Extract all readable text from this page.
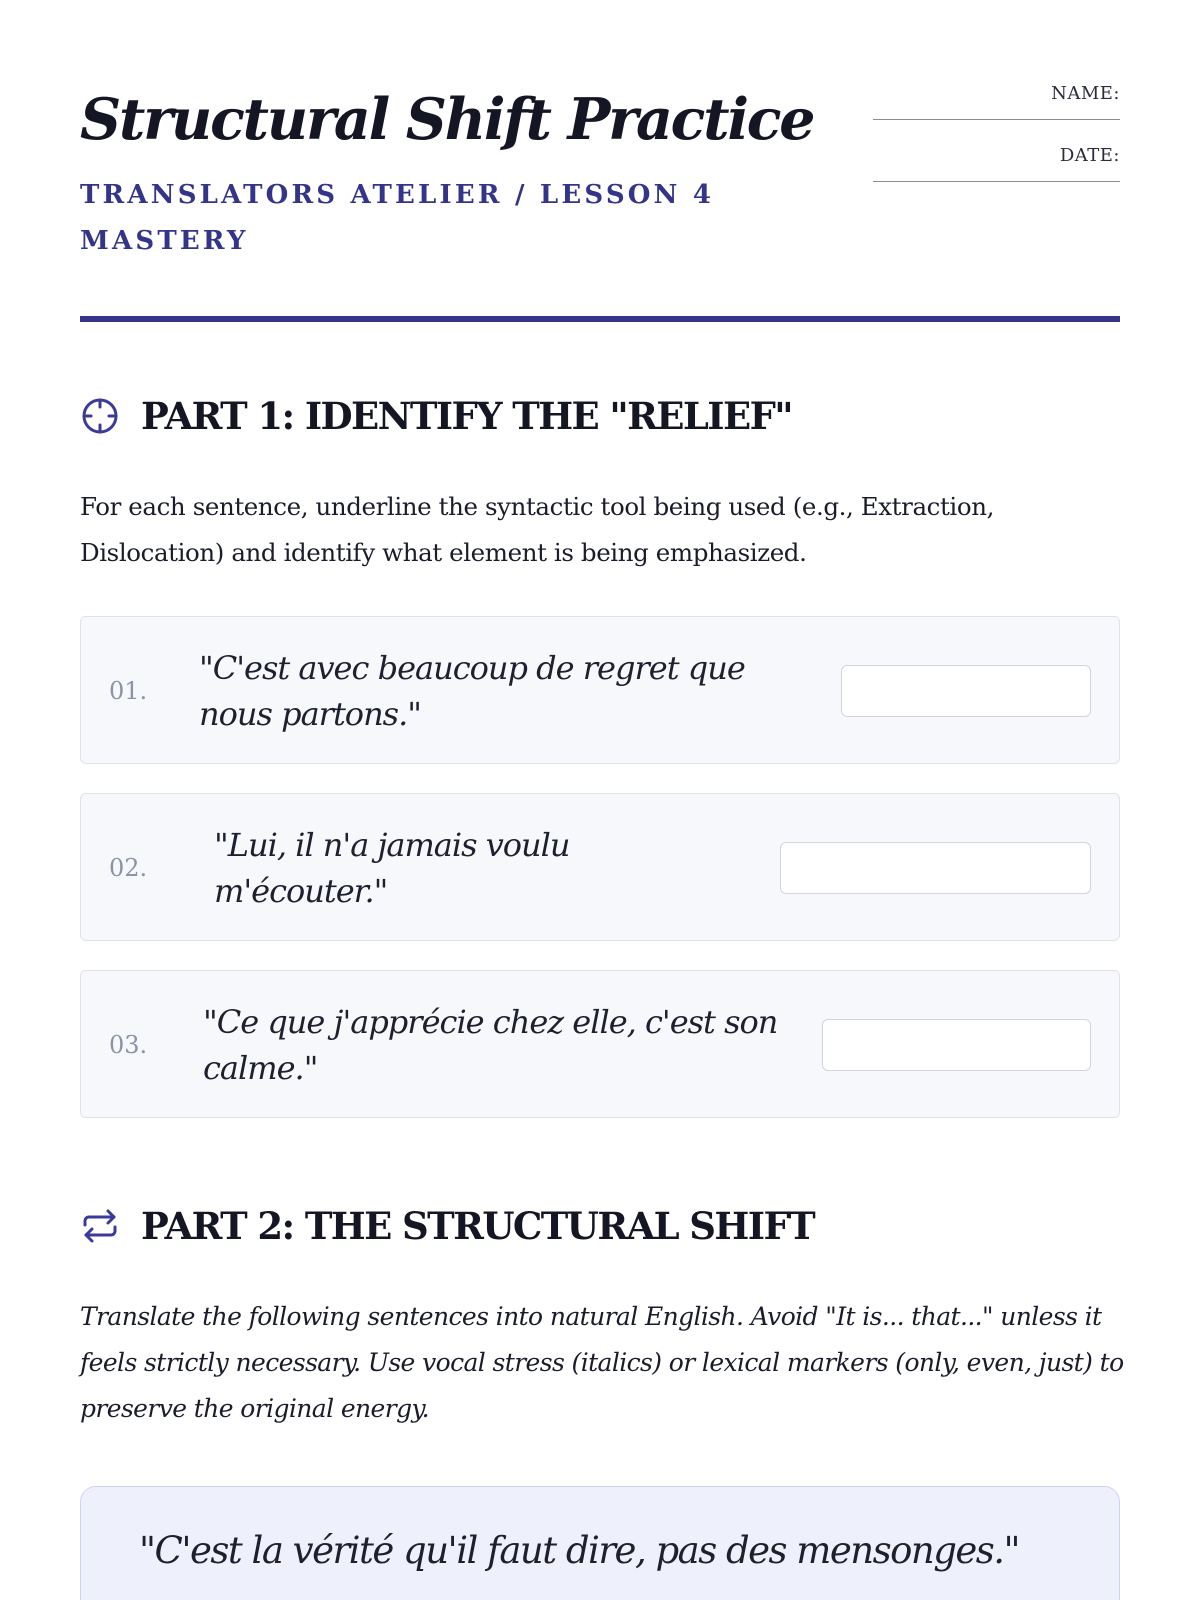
Structural Shift Practice
TRANSLATORS ATELIER / LESSON 4 MASTERY
NAME:
DATE:
PART 1: IDENTIFY THE "RELIEF"
For each sentence, underline the syntactic tool being used (e.g., Extraction, Dislocation) and identify what element is being emphasized.
01.
"C'est avec beaucoup de regret que nous partons."
02.
"Lui, il n'a jamais voulu m'écouter."
03.
"Ce que j'apprécie chez elle, c'est son calme."
PART 2: THE STRUCTURAL SHIFT
Translate the following sentences into natural English. Avoid "It is... that..." unless it feels strictly necessary. Use vocal stress (italics) or lexical markers (only, even, just) to preserve the original energy.
"C'est la vérité qu'il faut dire, pas des mensonges."
